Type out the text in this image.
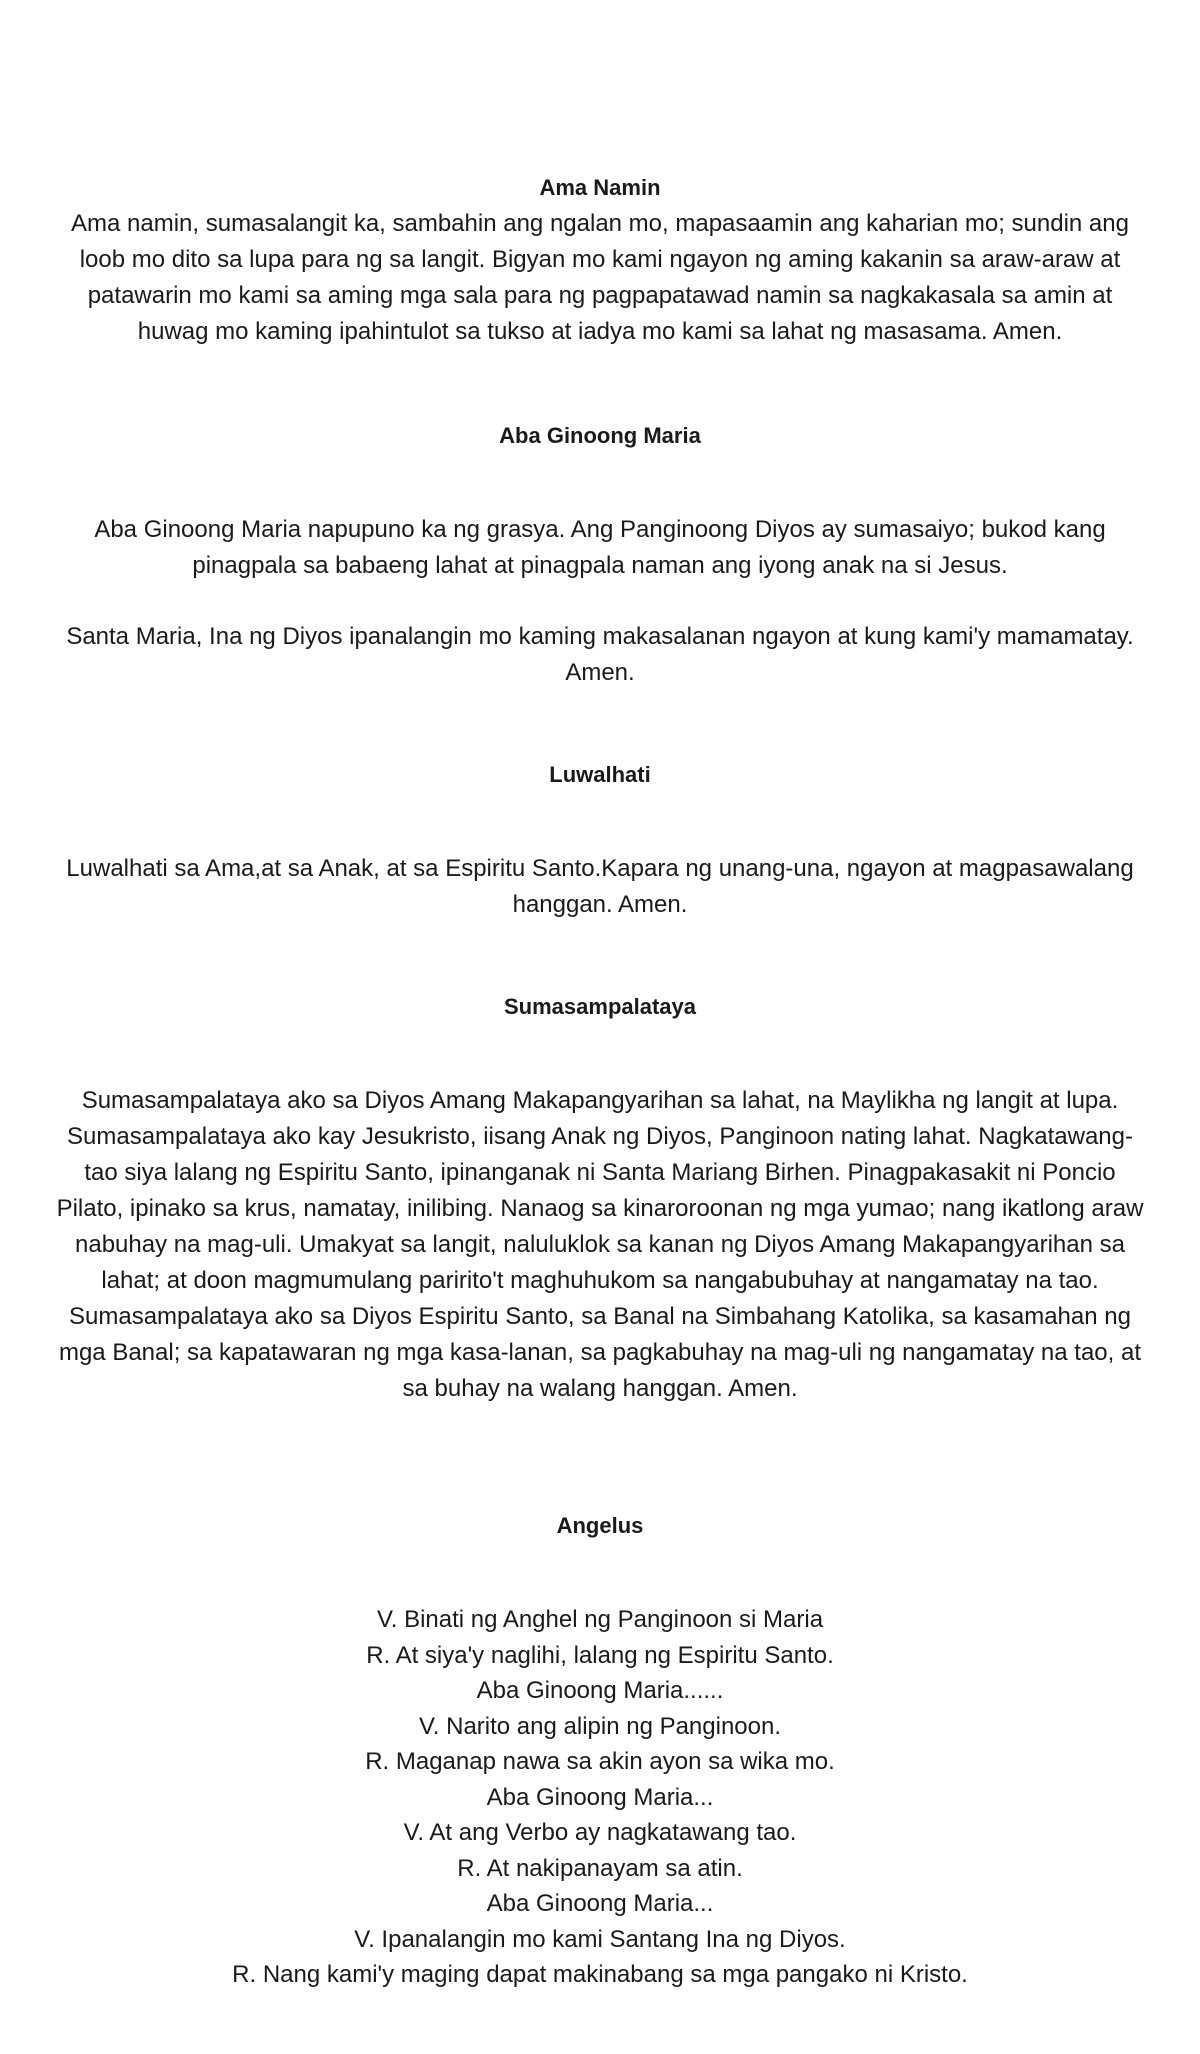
Ama Namin

Ama namin, sumasalangit ka, sambahin ang ngalan mo, mapasaamin ang kaharian mo; sundin ang loob mo dito sa lupa para ng sa langit. Bigyan mo kami ngayon ng aming kakanin sa araw-araw at patawarin mo kami sa aming mga sala para ng pagpapatawad namin sa nagkakasala sa amin at huwag mo kaming ipahintulot sa tukso at iadya mo kami sa lahat ng masasama. Amen.

Aba Ginoong Maria

Aba Ginoong Maria napupuno ka ng grasya. Ang Panginoong Diyos ay sumasaiyo; bukod kang pinagpala sa babaeng lahat at pinagpala naman ang iyong anak na si Jesus.

Santa Maria, Ina ng Diyos ipanalangin mo kaming makasalanan ngayon at kung kami'y mamamatay. Amen.

Luwalhati

Luwalhati sa Ama,at sa Anak, at sa Espiritu Santo.Kapara ng unang-una, ngayon at magpasawalang hanggan. Amen.

Sumasampalataya

Sumasampalataya ako sa Diyos Amang Makapangyarihan sa lahat, na Maylikha ng langit at lupa. Sumasampalataya ako kay Jesukristo, iisang Anak ng Diyos, Panginoon nating lahat. Nagkatawang-tao siya lalang ng Espiritu Santo, ipinanganak ni Santa Mariang Birhen. Pinagpakasakit ni Poncio Pilato, ipinako sa krus, namatay, inilibing. Nanaog sa kinaroroonan ng mga yumao; nang ikatlong araw nabuhay na mag-uli. Umakyat sa langit, naluluklok sa kanan ng Diyos Amang Makapangyarihan sa lahat; at doon magmumulang paririto't maghuhukom sa nangabubuhay at nangamatay na tao. Sumasampalataya ako sa Diyos Espiritu Santo, sa Banal na Simbahang Katolika, sa kasamahan ng mga Banal; sa kapatawaran ng mga kasa-lanan, sa pagkabuhay na mag-uli ng nangamatay na tao, at sa buhay na walang hanggan. Amen.

Angelus
V. Binati ng Anghel ng Panginoon si Maria
R. At siya'y naglihi, lalang ng Espiritu Santo.
Aba Ginoong Maria......
V. Narito ang alipin ng Panginoon.
R. Maganap nawa sa akin ayon sa wika mo.
Aba Ginoong Maria...
V. At ang Verbo ay nagkatawang tao.
R. At nakipanayam sa atin.
Aba Ginoong Maria...
V. Ipanalangin mo kami Santang Ina ng Diyos.
R. Nang kami'y maging dapat makinabang sa mga pangako ni Kristo.
